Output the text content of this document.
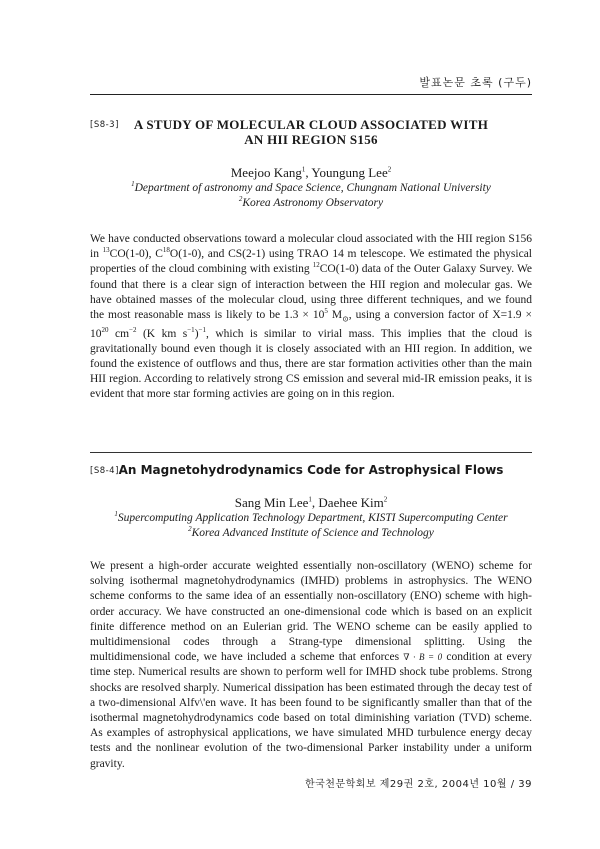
발표논문 초록 (구두)
[S8-3]	A STUDY OF MOLECULAR CLOUD ASSOCIATED WITH
AN HII REGION S156
Meejoo Kang$^1$, Youngung Lee$^2$
$^1$Department of astronomy and Space Science, Chungnam National University
$^2$Korea Astronomy Observatory
We have conducted observations toward a molecular cloud associated with the HII region S156 in $^{13}$CO(1-0), $C^{18}O(1-0)$, and CS(2-1) using TRAO 14 m telescope. We estimated the physical properties of the cloud combining with existing $^{12}$CO(1-0) data of the Outer Galaxy Survey. We found that there is a clear sign of interaction between the HII region and molecular gas. We have obtained masses of the molecular cloud, using three different techniques, and we found the most reasonable mass is likely to be $1.3 \times 10^5$ $M_⊙$, using a conversion factor of $X=1.9 \times 10^{20}$ $cm^{-2}$ (K km $s^{-1})^{-1}$, which is similar to virial mass. This implies that the cloud is gravitationally bound even though it is closely associated with an HII region. In addition, we found the existence of outflows and thus, there are star formation activities other than the main HII region. According to relatively strong CS emission and several mid-IR emission peaks, it is evident that more star forming activies are going on in this region.
[S8-4] An Magnetohydrodynamics Code for Astrophysical Flows
Sang Min Lee$^1$, Daehee Kim$^2$
$^1$Supercomputing Application Technology Department, KISTI Supercomputing Center
$^2$Korea Advanced Institute of Science and Technology
We present a high-order accurate weighted essentially non-oscillatory (WENO) scheme for solving isothermal magnetohydrodynamics (IMHD) problems in astrophysics. The WENO scheme conforms to the same idea of an essentially non-oscillatory (ENO) scheme with high-order accuracy. We have constructed an one-dimensional code which is based on an explicit finite difference method on an Eulerian grid. The WENO scheme can be easily applied to multidimensional codes through a Strang-type dimensional splitting. Using the multidimensional code, we have included a scheme that enforces ∇ · B = 0 condition at every time step. Numerical results are shown to perform well for IMHD shock tube problems. Strong shocks are resolved sharply. Numerical dissipation has been estimated through the decay test of a two-dimensional Alfv\'en wave. It has been found to be significantly smaller than that of the isothermal magnetohydrodynamics code based on total diminishing variation (TVD) scheme. As examples of astrophysical applications, we have simulated MHD turbulence energy decay tests and the nonlinear evolution of the two-dimensional Parker instability under a uniform gravity.
한국천문학회보 제29권 2호, 2004년 10월 / 39
